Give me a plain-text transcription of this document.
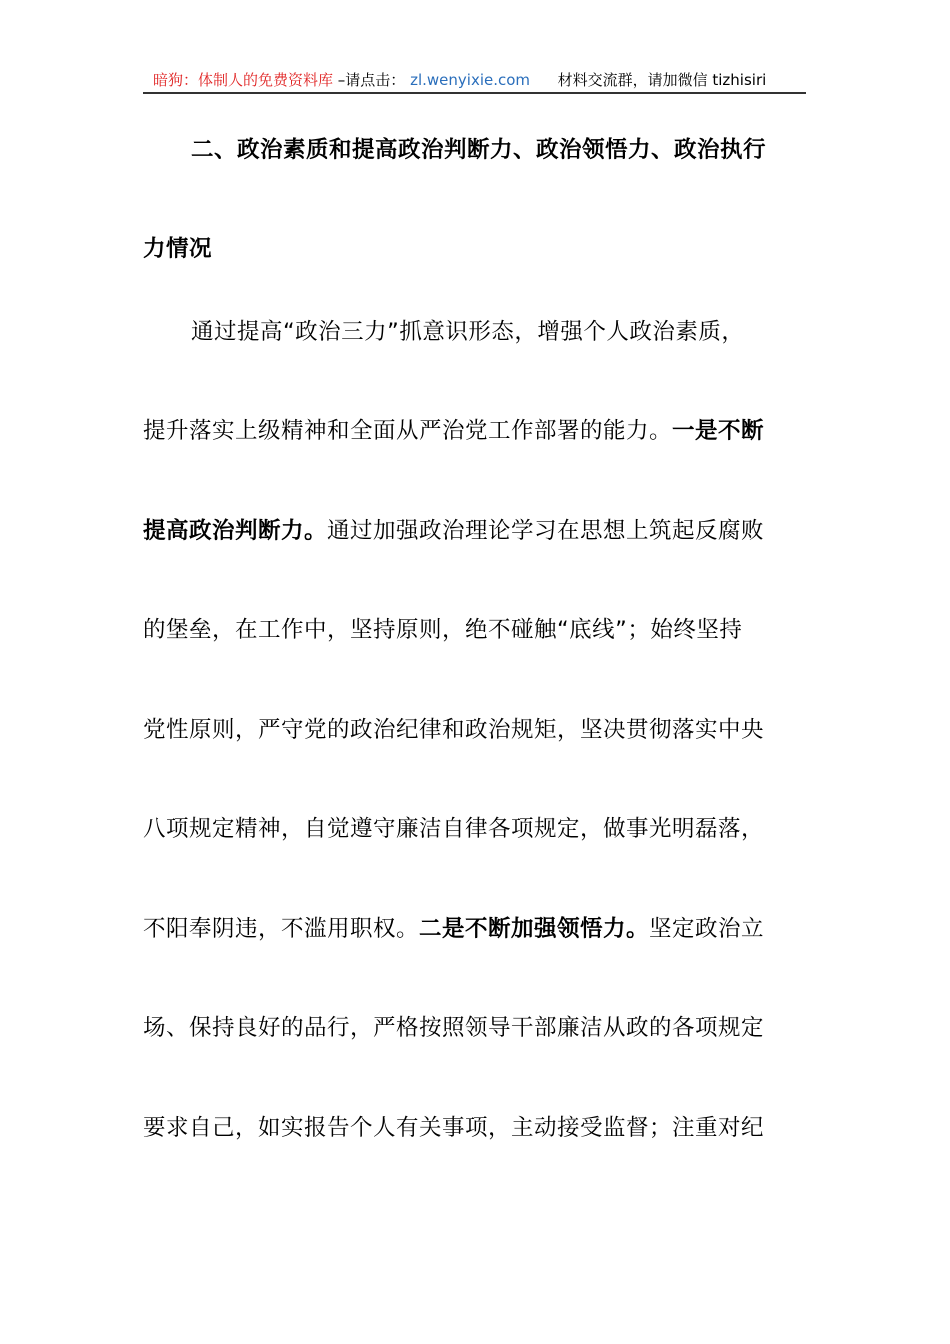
暗狗：体制人的免费资料库 –请点击： zl.wenyixie.com 材料交流群，请加微信 tizhisiri
二、政治素质和提高政治判断力、政治领悟力、政治执行
力情况
通过提高“政治三力”抓意识形态，增强个人政治素质，
提升落实上级精神和全面从严治党工作部署的能力。一是不断
提高政治判断力。通过加强政治理论学习在思想上筑起反腐败
的堡垒，在工作中，坚持原则，绝不碰触“底线”；始终坚持
党性原则，严守党的政治纪律和政治规矩，坚决贯彻落实中央
八项规定精神，自觉遵守廉洁自律各项规定，做事光明磊落，
不阳奉阴违，不滥用职权。二是不断加强领悟力。坚定政治立
场、保持良好的品行，严格按照领导干部廉洁从政的各项规定
要求自己，如实报告个人有关事项，主动接受监督；注重对纪
